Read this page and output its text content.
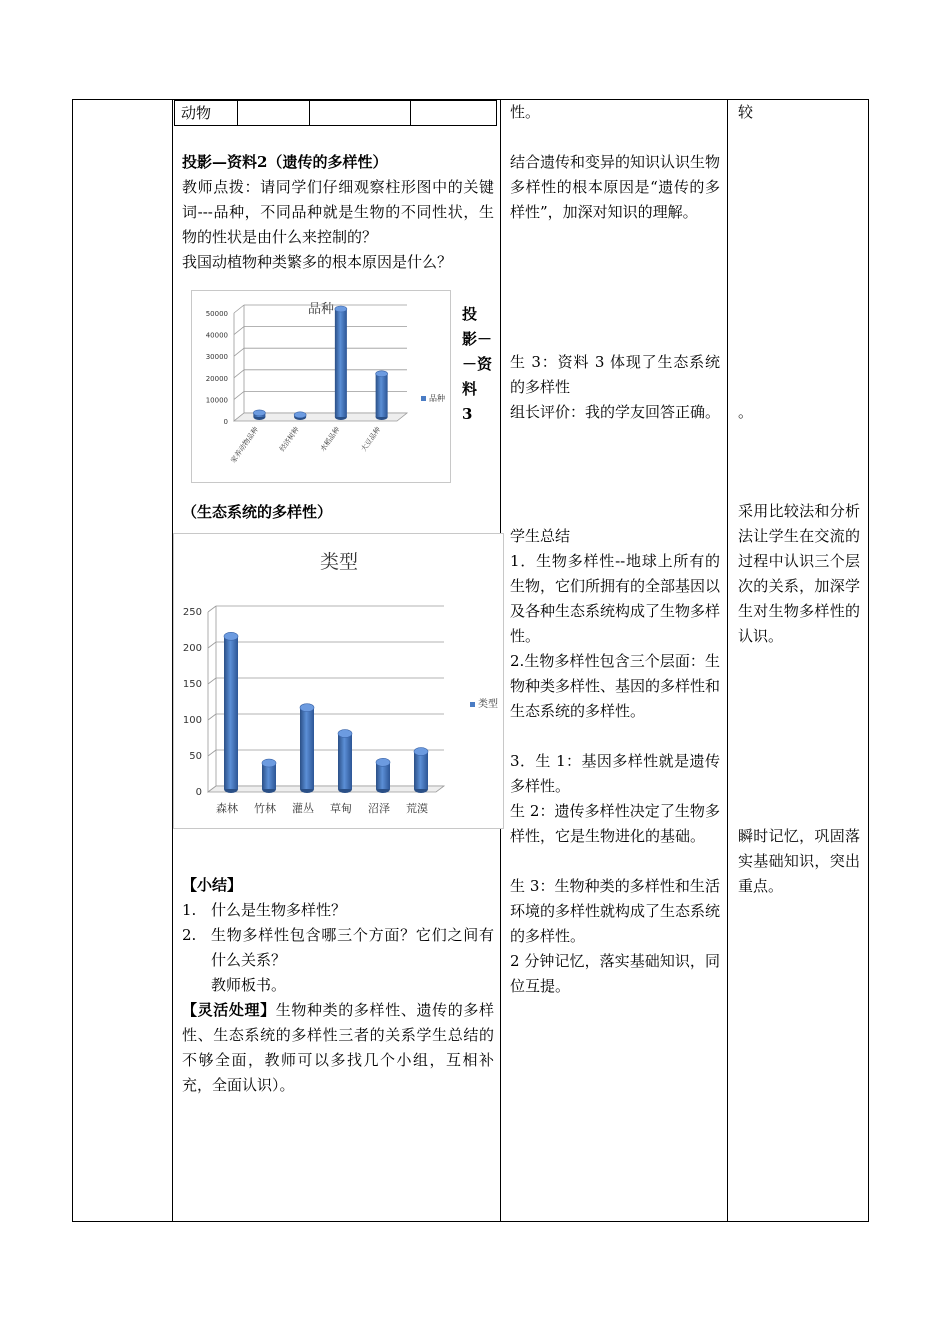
动物
投影—资料2（遗传的多样性）
教师点拨：请同学们仔细观察柱形图中的关键词---品种，不同品种就是生物的不同性状，生物的性状是由什么来控制的？
我国动植物种类繁多的根本原因是什么？
品种
0
10000
20000
30000
40000
50000
家养动物品种	经济树种	水稻品种	大豆品种
品种
投
影－
－资
料
3
（生态系统的多样性）
类型
0
50
100
150
200
250
森林 竹林 灌丛 草甸 沼泽 荒漠
类型
【小结】
1. 什么是生物多样性？
2. 生物多样性包含哪三个方面？它们之间有什么关系？
教师板书。
【灵活处理】生物种类的多样性、遗传的多样性、生态系统的多样性三者的关系学生总结的不够全面，教师可以多找几个小组，互相补充，全面认识）。
性。
结合遗传和变异的知识认识生物多样性的根本原因是“遗传的多样性”，加深对知识的理解。
生 3：资料 3 体现了生态系统的多样性
组长评价：我的学友回答正确。
学生总结
1．生物多样性--地球上所有的生物，它们所拥有的全部基因以及各种生态系统构成了生物多样性。
2.生物多样性包含三个层面：生物种类多样性、基因的多样性和生态系统的多样性。
3．生 1：基因多样性就是遗传多样性。
生 2：遗传多样性决定了生物多样性，它是生物进化的基础。
生 3：生物种类的多样性和生活环境的多样性就构成了生态系统的多样性。
2 分钟记忆，落实基础知识，同位互提。
较
。
采用比较法和分析法让学生在交流的过程中认识三个层次的关系，加深学生对生物多样性的认识。
瞬时记忆，巩固落实基础知识，突出重点。
